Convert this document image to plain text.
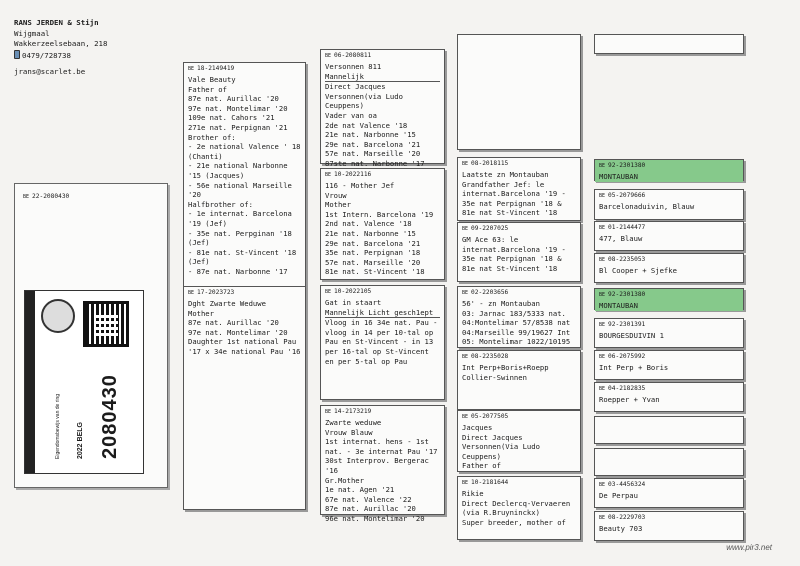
RANS JERDEN & Stijn
Wijgmaal
Wakkerzeelsebaan, 218
0479/728738
jrans@scarlet.be
BE 22-2080430
Eigendomsbewijs van de ring 2022 BELG 2080430
BE 18-2149419

Vale Beauty

Father of

87e nat. Aurillac '20

97e nat. Montelimar '20

109e nat. Cahors '21

271e nat. Perpignan '21

Brother of:

- 2e national Valence ' 18

(Chanti)

- 21e national Narbonne

'15 (Jacques)

- 56e national Marseille

'20

Halfbrother of:

- 1e internat. Barcelona

'19 (Jef)

- 35e nat. Perpginan '18

(Jef)

- 81e nat. St-Vincent '18

(Jef)

- 87e nat. Narbonne '17

BE 17-2023723

Dght Zwarte Weduwe

Mother

87e nat. Aurillac '20

97e nat. Montelimar '20

Daughter 1st national Pau

'17 x 34e national Pau '16

BE 06-2080811

Versonnen 811

Mannelijk

Direct Jacques

Versonnen(via Ludo

Ceuppens)

Vader van oa

2de nat Valence '18

21e nat. Narbonne '15

29e nat. Barcelona '21

57e nat. Marseille '20

87ste nat. Narbonne '17

BE 10-2022116

116 - Mother Jef

Vrouw

Mother

1st Intern. Barcelona '19

2nd nat. Valence '18

21e nat. Narbonne '15

29e nat. Barcelona '21

35e nat. Perpignan '18

57e nat. Marseille '20

81e nat. St-Vincent '18

BE 10-2022105

Gat in staart

Mannelijk Licht gesch1ept

Vloog in 16 34e nat. Pau -

vloog in 14 per 10-tal op

Pau en St-Vincent - in 13

per 16-tal op St-Vincent

en per 5-tal op Pau

BE 14-2173219

Zwarte weduwe

Vrouw Blauw

1st internat. hens - 1st

nat. - 3e internat Pau '17

30st Interprov. Bergerac

'16

Gr.Mother

1e nat. Agen '21

67e nat. Valence '22

87e nat. Aurillac '20

96e nat. Montelimar '20

BE 08-2018115

Laatste zn Montauban

Grandfather Jef: le

internat.Barcelona '19 -

35e nat Perpignan '18 &

81e nat St-Vincent '18

BE 09-2207025

GM Ace 63: le

internat.Barcelona '19 -

35e nat Perpignan '18 &

81e nat St-Vincent '18

BE 02-2203656

56' - zn Montauban

03: Jarnac 183/5333 nat.

04:Montelimar 57/8538 nat

04:Marseille 99/19627 Int

05: Montelimar 1022/10195

BE 08-2235028

Int Perp+Boris+Roepp

Collier-Swinnen

BE 05-2077505

Jacques

Direct Jacques

Versonnen(Via Ludo

Ceuppens)

Father of

BE 10-2181644

Rikie

Direct Declercq-Vervaeren

(via R.Bruyninckx)

Super breeder, mother of

BE 92-2301380

MONTAUBAN

BE 05-2079666

Barcelonaduivin, Blauw

BE 01-2144477

477, Blauw

BE 08-2235053

Bl Cooper + Sjefke

BE 92-2301380

MONTAUBAN

BE 92-2301391

BOURGESDUIVIN 1

BE 06-2075992

Int Perp + Boris

BE 04-2182835

Roepper + Yvan

BE 03-4456324

De Perpau

BE 08-2229703

Beauty 703

www.pir3.net
